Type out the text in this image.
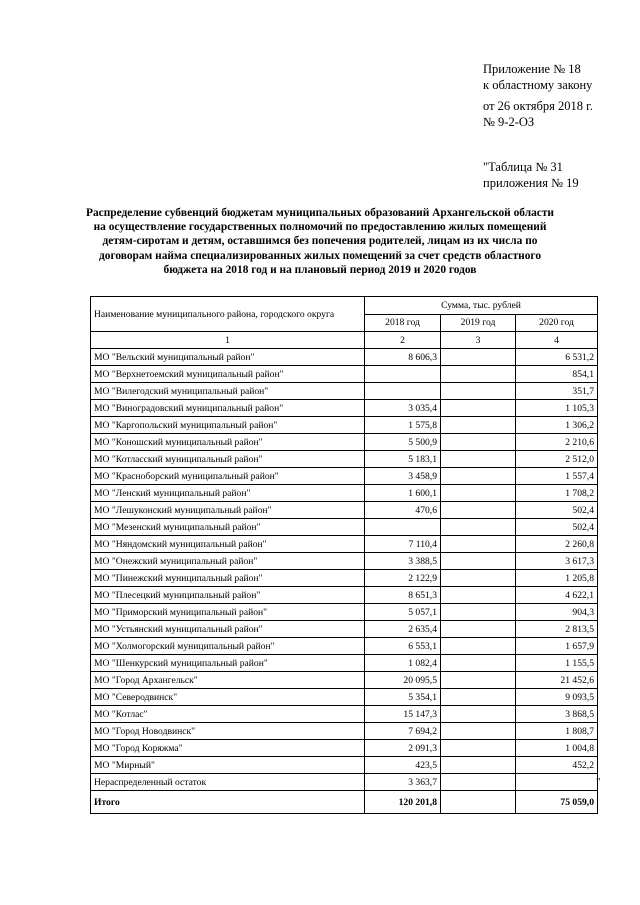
Приложение № 18
к областному закону
от 26 октября 2018 г.
№ 9-2-ОЗ
"Таблица № 31
приложения № 19
Распределение субвенций бюджетам муниципальных образований Архангельской области на осуществление государственных полномочий по предоставлению жилых помещений детям-сиротам и детям, оставшимся без попечения родителей, лицам из их числа по договорам найма специализированных жилых помещений за счет средств областного бюджета на 2018 год и на плановый период 2019 и 2020 годов
Наименование муниципального района, городского округа	Сумма, тыс. рублей		
	2018 год	2019 год	2020 год
1	2	3	4
МО "Вельский муниципальный район"	8 606,3		6 531,2
МО "Верхнетоемский муниципальный район"			854,1
МО "Вилегодский муниципальный район"			351,7
МО "Виноградовский муниципальный район"	3 035,4		1 105,3
МО "Каргопольский муниципальный район"	1 575,8		1 306,2
МО "Коношский муниципальный район"	5 500,9		2 210,6
МО "Котласский муниципальный район"	5 183,1		2 512,0
МО "Красноборский муниципальный район"	3 458,9		1 557,4
МО "Ленский муниципальный район"	1 600,1		1 708,2
МО "Лешуконский муниципальный район"	470,6		502,4
МО "Мезенский муниципальный район"			502,4
МО "Няндомский муниципальный район"	7 110,4		2 260,8
МО "Онежский муниципальный район"	3 388,5		3 617,3
МО "Пинежский муниципальный район"	2 122,9		1 205,8
МО "Плесецкий муниципальный район"	8 651,3		4 622,1
МО "Приморский муниципальный район"	5 057,1		904,3
МО "Устьянский муниципальный район"	2 635,4		2 813,5
МО "Холмогорский муниципальный район"	6 553,1		1 657,9
МО "Шенкурский муниципальный район"	1 082,4		1 155,5
МО "Город Архангельск"	20 095,5		21 452,6
МО "Северодвинск"	5 354,1		9 093,5
МО "Котлас"	15 147,3		3 868,5
МО "Город Новодвинск"	7 694,2		1 808,7
МО "Город Коряжма"	2 091,3		1 004,8
МО "Мирный"	423,5		452,2
Нераспределенный остаток	3 363,7		
Итого	120 201,8		75 059,0
"
